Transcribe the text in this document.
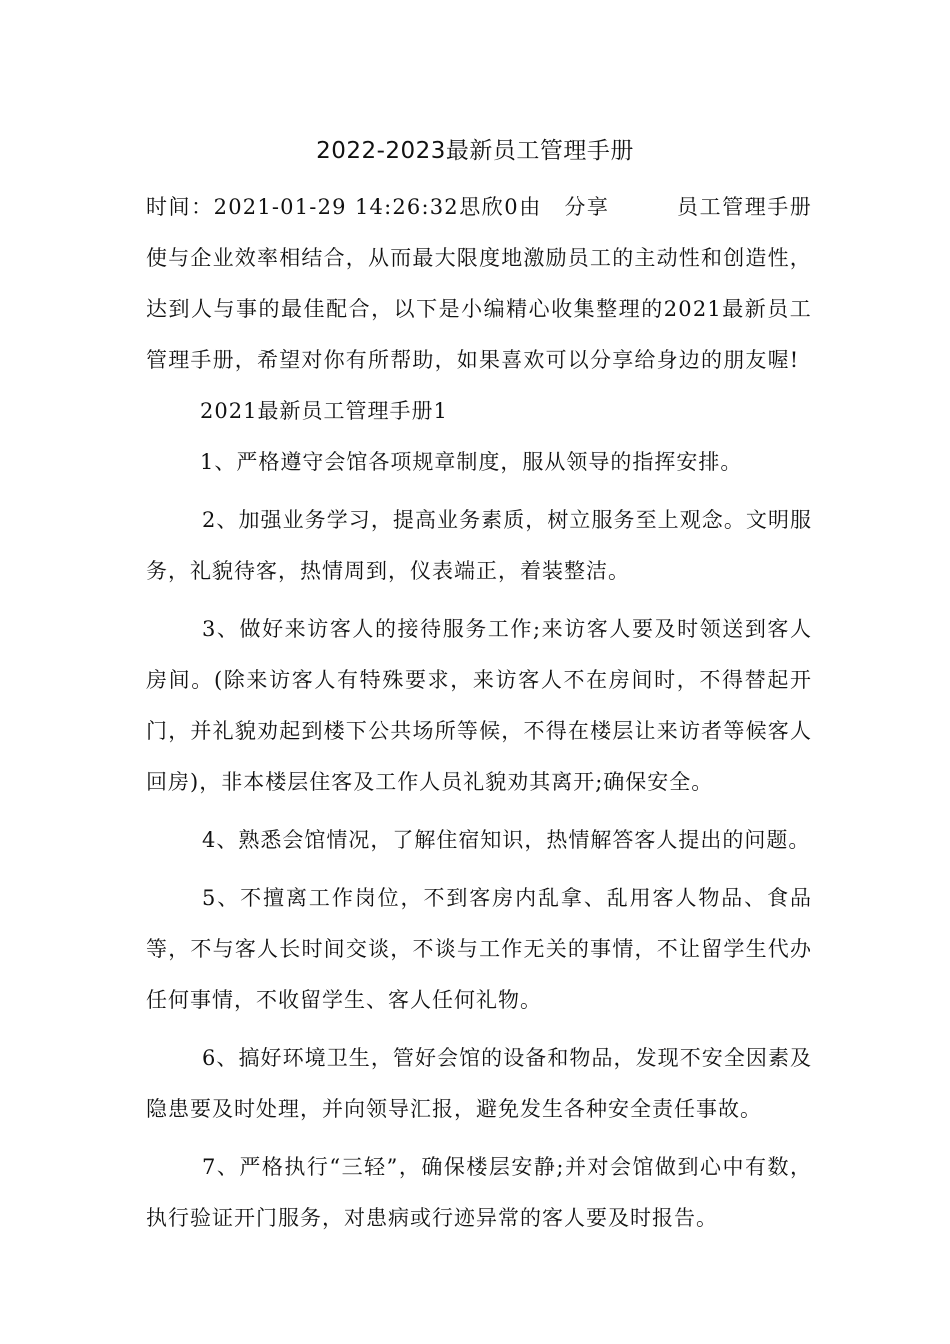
2022-2023最新员工管理手册

时间：2021-01-29 14:26:32思欣0由　分享　　　员工管理手册使与企业效率相结合，从而最大限度地激励员工的主动性和创造性，达到人与事的最佳配合，以下是小编精心收集整理的2021最新员工管理手册，希望对你有所帮助，如果喜欢可以分享给身边的朋友喔!

2021最新员工管理手册1

1、严格遵守会馆各项规章制度，服从领导的指挥安排。

2、加强业务学习，提高业务素质，树立服务至上观念。文明服务，礼貌待客，热情周到，仪表端正，着装整洁。

3、做好来访客人的接待服务工作;来访客人要及时领送到客人房间。(除来访客人有特殊要求，来访客人不在房间时，不得替起开门，并礼貌劝起到楼下公共场所等候，不得在楼层让来访者等候客人回房)，非本楼层住客及工作人员礼貌劝其离开;确保安全。

4、熟悉会馆情况，了解住宿知识，热情解答客人提出的问题。

5、不擅离工作岗位，不到客房内乱拿、乱用客人物品、食品等，不与客人长时间交谈，不谈与工作无关的事情，不让留学生代办任何事情，不收留学生、客人任何礼物。

6、搞好环境卫生，管好会馆的设备和物品，发现不安全因素及隐患要及时处理，并向领导汇报，避免发生各种安全责任事故。

7、严格执行“三轻”，确保楼层安静;并对会馆做到心中有数，执行验证开门服务，对患病或行迹异常的客人要及时报告。
